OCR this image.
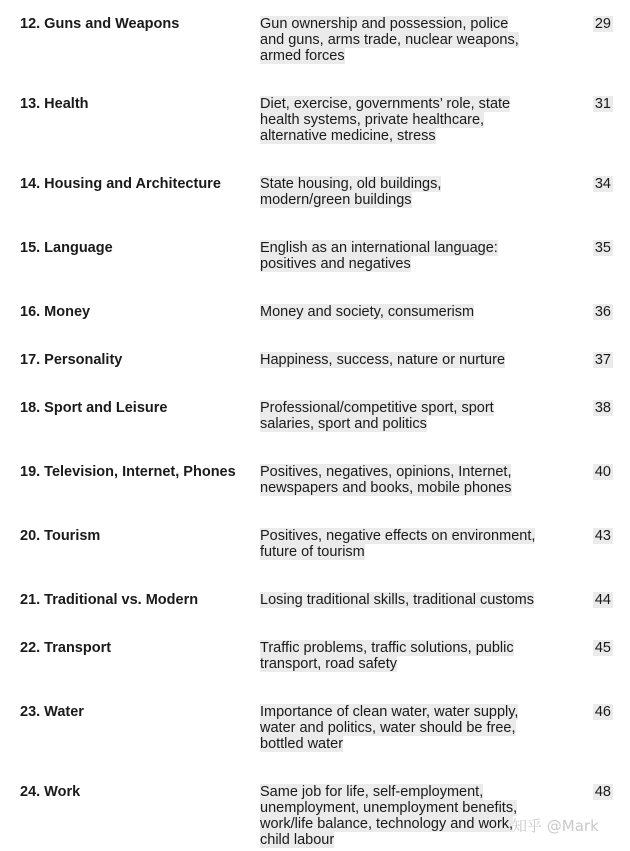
12. Guns and Weapons	Gun ownership and possession, police
and guns, arms trade, nuclear weapons,
armed forces
29
13. Health	Diet, exercise, governments’ role, state
health systems, private healthcare,
alternative medicine, stress
31
14. Housing and Architecture	State housing, old buildings,
modern/green buildings
34
15. Language	English as an international language:
positives and negatives
35
16. Money	Money and society, consumerism	36
17. Personality	Happiness, success, nature or nurture	37
18. Sport and Leisure	Professional/competitive sport, sport
salaries, sport and politics
38
19. Television, Internet, Phones	Positives, negatives, opinions, Internet,
newspapers and books, mobile phones
40
20. Tourism	Positives, negative effects on environment,
future of tourism
43
21. Traditional vs. Modern	Losing traditional skills, traditional customs	44
22. Transport	Traffic problems, traffic solutions, public
transport, road safety
45
23. Water	Importance of clean water, water supply,
water and politics, water should be free,
bottled water
46
24. Work	Same job for life, self-employment,
unemployment, unemployment benefits,
work/life balance, technology and work,
child labour
48
知乎 @Mark
